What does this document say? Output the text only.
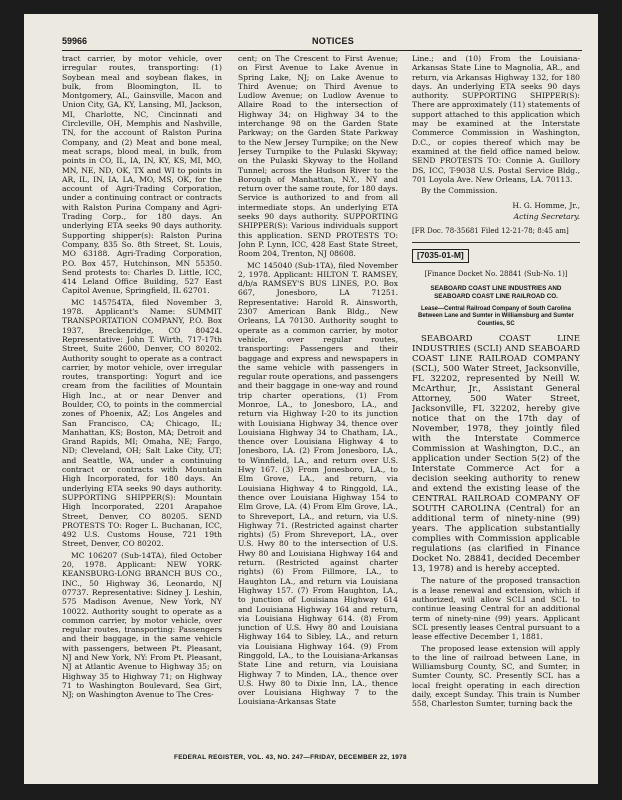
59966	NOTICES

tract carrier, by motor vehicle, over irregular routes, transporting: (1) Soybean meal and soybean flakes, in bulk, from Bloomington, IL to Montgomery, AL, Gainsville, Macon and Union City, GA, KY, Lansing, MI, Jackson, MI, Charlotte, NC, Cincinnati and Circleville, OH, Memphis and Nashville, TN, for the account of Ralston Purina Company, and (2) Meat and bone meal, meat scraps, blood meal, in bulk, from points in CO, IL, IA, IN, KY, KS, MI, MO, MN, NE, ND, OK, TX and WI to points in AR, IL, IN, IA, LA, MO, MS, OK, for the account of Agri-Trading Corporation, under a continuing contract or contracts with Ralston Purina Company and Agri-Trading Corp., for 180 days. An underlying ETA seeks 90 days authority. Supporting shipper(s): Ralston Purina Company, 835 So. 8th Street, St. Louis, MO 63188. Agri-Trading Corporation, P.O. Box 457, Hutchinson, MN 55350. Send protests to: Charles D. Little, ICC, 414 Leland Office Building, 527 East Capitol Avenue, Springfield, IL 62701.

MC 145754TA, filed November 3, 1978. Applicant's Name: SUMMIT TRANSPORTATION COMPANY, P.O. Box 1937, Breckenridge, CO 80424. Representative: John T. Wirth, 717-17th Street, Suite 2600, Denver, CO 80202. Authority sought to operate as a contract carrier, by motor vehicle, over irregular routes, transporting: Yogurt and ice cream from the facilities of Mountain High Inc., at or near Denver and Boulder, CO, to points in the commercial zones of Phoenix, AZ; Los Angeles and San Francisco, CA; Chicago, IL; Manhattan, KS; Boston, MA; Detroit and Grand Rapids, MI; Omaha, NE; Fargo, ND; Cleveland, OH; Salt Lake City, UT; and Seattle, WA, under a continuing contract or contracts with Mountain High Incorporated, for 180 days. An underlying ETA seeks 90 days authority. SUPPORTING SHIPPER(S): Mountain High Incorporated, 2201 Arapahoe Street, Denver, CO 80205. SEND PROTESTS TO: Roger L. Buchanan, ICC, 492 U.S. Customs House, 721 19th Street, Denver, CO 80202.

MC 106207 (Sub-14TA), filed October 20, 1978. Applicant: NEW YORK-KEANSBURG-LONG BRANCH BUS CO., INC., 50 Highway 36, Leonardo, NJ 07737. Representative: Sidney J. Leshin, 575 Madison Avenue, New York, NY 10022. Authority sought to operate as a common carrier, by motor vehicle, over regular routes, transporting: Passengers and their baggage, in the same vehicle with passengers, between Pt. Pleasant, NJ and New York, NY: From Pt. Pleasant, NJ at Atlantic Avenue to Highway 35; on Highway 35 to Highway 71; on Highway 71 to Washington Boulevard, Sea Girt, NJ; on Washington Avenue to The Cres-

cent; on The Crescent to First Avenue; on First Avenue to Lake Avenue in Spring Lake, NJ; on Lake Avenue to Third Avenue; on Third Avenue to Ludlow Avenue; on Ludlow Avenue to Allaire Road to the intersection of Highway 34; on Highway 34 to the interchange 98 on the Garden State Parkway; on the Garden State Parkway to the New Jersey Turnpike; on the New Jersey Turnpike to the Pulaski Skyway; on the Pulaski Skyway to the Holland Tunnel; across the Hudson River to the Borough of Manhattan, N.Y., NY and return over the same route, for 180 days. Service is authorized to and from all intermediate stops. An underlying ETA seeks 90 days authority. SUPPORTING SHIPPER(S): Various individuals support this application. SEND PROTESTS TO: John P. Lynn, ICC, 428 East State Street, Room 204, Trenton, NJ 08608.

MC 145040 (Sub-1TA), filed November 2, 1978. Applicant: HILTON T. RAMSEY, d/b/a RAMSEY'S BUS LINES, P.O. Box 667, Jonesboro, LA 71251. Representative: Harold R. Ainsworth, 2307 American Bank Bldg., New Orleans, LA 70130. Authority sought to operate as a common carrier, by motor vehicle, over regular routes, transporting: Passengers and their baggage and express and newspapers in the same vehicle with passengers in regular route operations, and passengers and their baggage in one-way and round trip charter operations, (1) From Monroe, LA., to Jonesboro, LA., and return via Highway I-20 to its junction with Louisiana Highway 34, thence over Louisiana Highway 34 to Chatham, LA., thence over Louisiana Highway 4 to Jonesboro, LA. (2) From Jonesboro, LA., to Winnfield, LA., and return over U.S. Hwy 167. (3) From Jonesboro, LA., to Elm Grove, LA., and return, via Louisiana Highway 4 to Ringgold, LA., thence over Louisiana Highway 154 to Elm Grove, LA. (4) From Elm Grove, LA., to Shreveport, LA., and return, via U.S. Highway 71. (Restricted against charter rights) (5) From Shreveport, LA., over U.S. Hwy 80 to the intersection of U.S. Hwy 80 and Louisiana Highway 164 and return. (Restricted against charter rights) (6) From Fillmore, LA., to Haughton LA., and return via Louisiana Highway 157. (7) From Haughton, LA., to junction of Louisiana Highway 614 and Louisiana Highway 164 and return, via Louisiana Highway 614. (8) From junction of U.S. Hwy 80 and Louisiana Highway 164 to Sibley, LA., and return via Louisiana Highway 164. (9) From Ringgold, LA., to the Louisiana-Arkansas State Line and return, via Louisiana Highway 7 to Minden, LA., thence over U.S. Hwy 80 to Dixie Inn, LA., thence over Louisiana Highway 7 to the Louisiana-Arkansas State

Line.; and (10) From the Louisiana-Arkansas State Line to Magnolia, AR., and return, via Arkansas Highway 132, for 180 days. An underlying ETA seeks 90 days authority. SUPPORTING SHIPPER(S): There are approximately (11) statements of support attached to this application which may be examined at the Interstate Commerce Commission in Washington, D.C., or copies thereof which may be examined at the field office named below. SEND PROTESTS TO: Connie A. Guillory DS, ICC, T-9038 U.S. Postal Service Bldg., 701 Loyola Ave. New Orleans, LA. 70113.

By the Commission.

H. G. Homme, Jr.,
Acting Secretary.
[FR Doc. 78-35681 Filed 12-21-78; 8:45 am]
[7035-01-M]
[Finance Docket No. 28841 (Sub-No. 1)]
SEABOARD COAST LINE INDUSTRIES AND SEABOARD COAST LINE RAILROAD CO.
Lease—Central Railroad Company of South Carolina Between Lane and Sumter in Williamsburg and Sumter Counties, SC

SEABOARD COAST LINE INDUSTRIES (SCLI) AND SEABOARD COAST LINE RAILROAD COMPANY (SCL), 500 Water Street, Jacksonville, FL 32202, represented by Neill W. McArthur, Jr., Assistant General Attorney, 500 Water Street, Jacksonville, FL 32202, hereby give notice that on the 17th day of November, 1978, they jointly filed with the Interstate Commerce Commission at Washington, D.C., an application under Section 5(2) of the Interstate Commerce Act for a decision seeking authority to renew and extend the existing lease of the CENTRAL RAILROAD COMPANY OF SOUTH CAROLINA (Central) for an additional term of ninety-nine (99) years. The application substantially complies with Commission applicable regulations (as clarified in Finance Docket No. 28841, decided December 13, 1978) and is hereby accepted.

The nature of the proposed transaction is a lease renewal and extension, which if authorized, will allow SCLI and SCL to continue leasing Central for an additional term of ninety-nine (99) years. Applicant SCL presently leases Central pursuant to a lease effective December 1, 1881.

The proposed lease extension will apply to the line of railroad between Lane, in Williamsburg County, SC, and Sumter, in Sumter County, SC. Presently SCL has a local freight operating in each direction daily, except Sunday. This train is Number 558, Charleston Sumter, turning back the

FEDERAL REGISTER, VOL. 43, NO. 247—FRIDAY, DECEMBER 22, 1978
